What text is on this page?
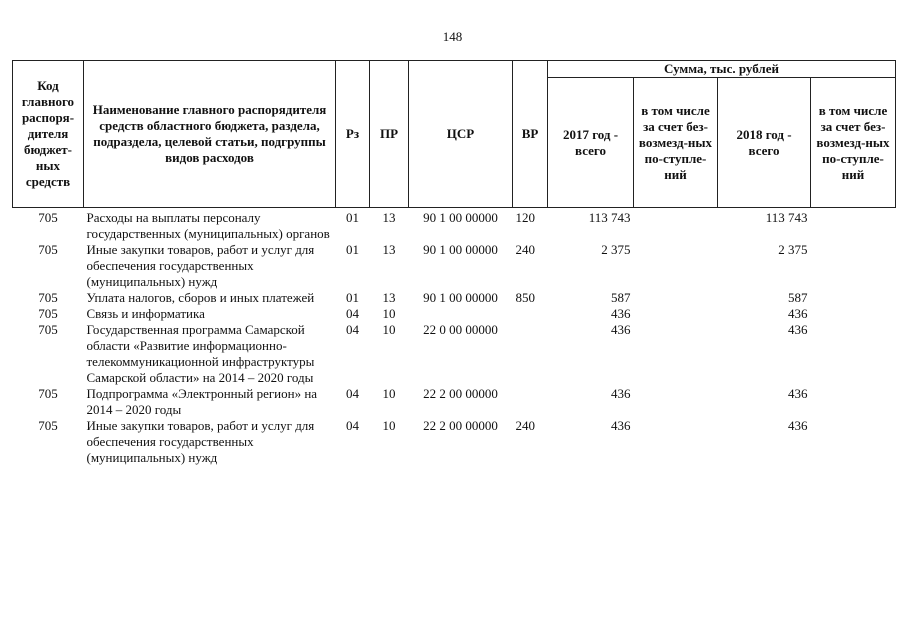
148
Код главного распоря-дителя бюджет-ных средств	Наименование главного распорядителя средств областного бюджета, раздела, подраздела, целевой статьи, подгруппы видов расходов	Рз	ПР	ЦСР	ВР	Сумма, тыс. рублей			
						2017 год - всего	в том числе за счет без-возмезд-ных по-ступле-ний	2018 год - всего	в том числе за счет без-возмезд-ных по-ступле-ний
705	Расходы на выплаты персоналу государственных (муниципальных) органов	01	13	90 1 00 00000	120	113 743		113 743	
705	Иные закупки товаров, работ и услуг для обеспечения государственных (муниципальных) нужд	01	13	90 1 00 00000	240	2 375		2 375	
705	Уплата налогов, сборов и иных платежей	01	13	90 1 00 00000	850	587		587	
705	Связь и информатика	04	10			436		436	
705	Государственная программа Самарской области «Развитие информационно-телекоммуникационной инфраструктуры Самарской области» на 2014 – 2020 годы	04	10	22 0 00 00000		436		436	
705	Подпрограмма «Электронный регион» на 2014 – 2020 годы	04	10	22 2 00 00000		436		436	
705	Иные закупки товаров, работ и услуг для обеспечения государственных (муниципальных) нужд	04	10	22 2 00 00000	240	436		436	
